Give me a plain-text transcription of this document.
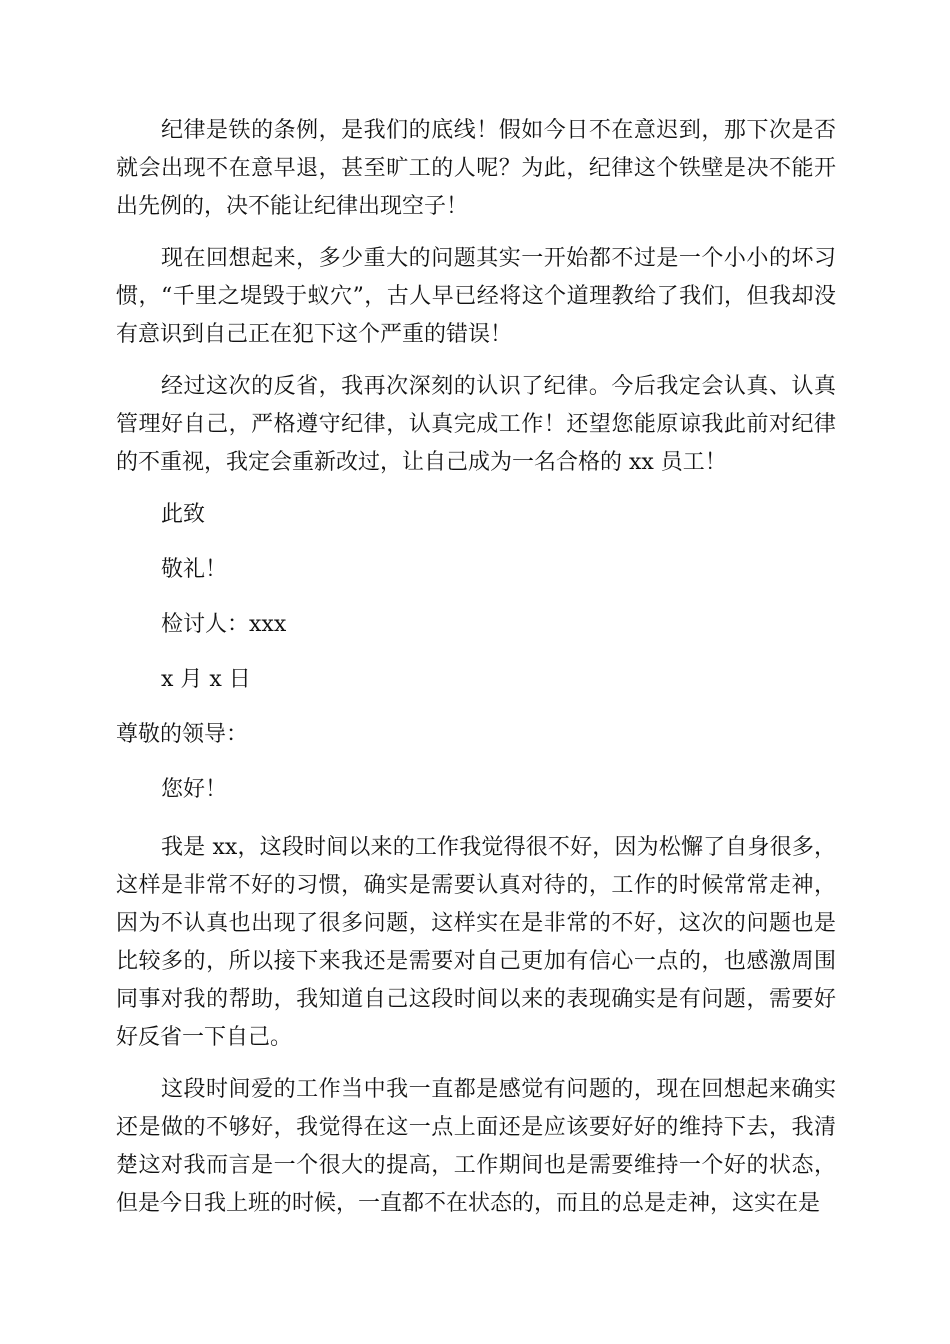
纪律是铁的条例，是我们的底线！假如今日不在意迟到，那下次是否就会出现不在意早退，甚至旷工的人呢？为此，纪律这个铁壁是决不能开出先例的，决不能让纪律出现空子！

现在回想起来，多少重大的问题其实一开始都不过是一个小小的坏习惯，“千里之堤毁于蚁穴”，古人早已经将这个道理教给了我们，但我却没有意识到自己正在犯下这个严重的错误！

经过这次的反省，我再次深刻的认识了纪律。今后我定会认真、认真管理好自己，严格遵守纪律，认真完成工作！还望您能原谅我此前对纪律的不重视，我定会重新改过，让自己成为一名合格的 xx 员工！

此致

敬礼！

检讨人：xxx

x 月 x 日

尊敬的领导：

您好！

我是 xx，这段时间以来的工作我觉得很不好，因为松懈了自身很多，这样是非常不好的习惯，确实是需要认真对待的，工作的时候常常走神，因为不认真也出现了很多问题，这样实在是非常的不好，这次的问题也是比较多的，所以接下来我还是需要对自己更加有信心一点的，也感激周围同事对我的帮助，我知道自己这段时间以来的表现确实是有问题，需要好好反省一下自己。

这段时间爱的工作当中我一直都是感觉有问题的，现在回想起来确实还是做的不够好，我觉得在这一点上面还是应该要好好的维持下去，我清楚这对我而言是一个很大的提高，工作期间也是需要维持一个好的状态，但是今日我上班的时候，一直都不在状态的，而且的总是走神，这实在是
